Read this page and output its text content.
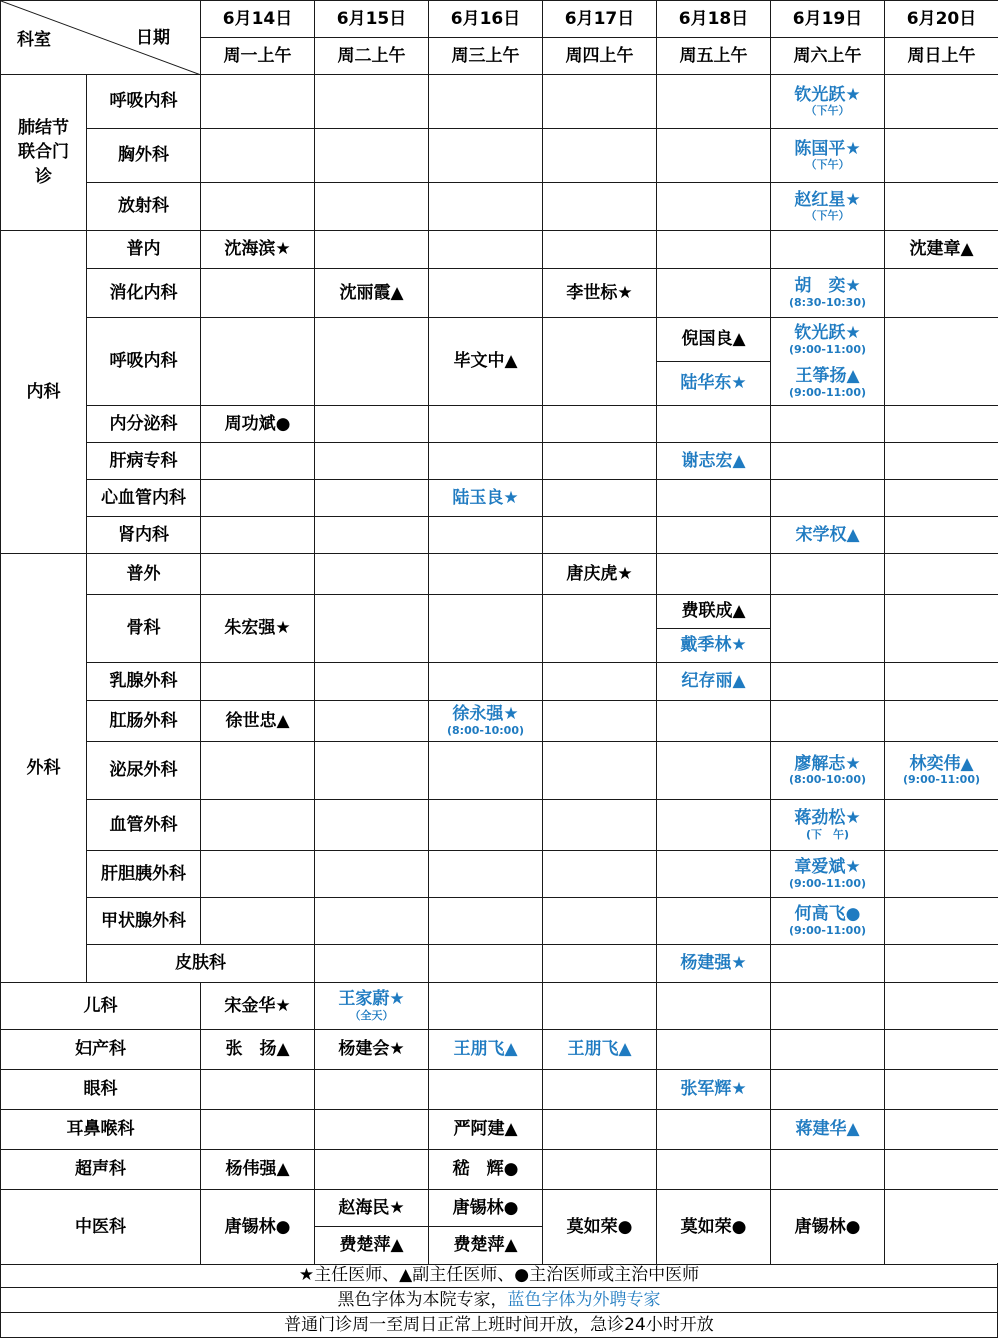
科室 日期		6月14日	6月15日	6月16日	6月17日	6月18日	6月19日	6月20日	
		周一上午	周二上午	周三上午	周四上午	周五上午	周六上午	周日上午	
肺结节
联合门
诊	呼吸内科						钦光跃★
（下午）		

	胸外科						陈国平★
（下午）		

	放射科						赵红星★
（下午）		

内科	普内	沈海滨★						沈建章▲	

	消化内科		沈丽霞▲		李世标★		胡　奕★
(8:30-10:30)		

	呼吸内科			毕文中▲		倪国良▲	钦光跃★
(9:00-11:00)		

						陆华东★	王筝扬▲
(9:00-11:00)		

	内分泌科	周功斌●							

	肝病专科					谢志宏▲			

	心血管内科			陆玉良★					

	肾内科						宋学权▲		

外科	普外				唐庆虎★				

	骨科	朱宏强★				费联成▲			

						戴季林★			

	乳腺外科					纪存丽▲			

	肛肠外科	徐世忠▲		徐永强★
(8:00-10:00)					

	泌尿外科						廖解志★
(8:00-10:00)	林奕伟▲
(9:00-11:00)	

	血管外科						蒋劲松★
(下　午)		

	肝胆胰外科						章爱斌★
(9:00-11:00)		

	甲状腺外科						何高飞●
(9:00-11:00)		

	皮肤科					杨建强★			

儿科		宋金华★	王家蔚★
（全天）						

妇产科		张　扬▲	杨建会★	王朋飞▲	王朋飞▲				

眼科						张军辉★			

耳鼻喉科				严阿建▲			蒋建华▲		

超声科		杨伟强▲		嵇　辉●					

中医科		唐锡林●	赵海民★	唐锡林●	莫如荣●	莫如荣●	唐锡林●		

			费楚萍▲	费楚萍▲					
★主任医师、▲副主任医师、●主治医师或主治中医师
黑色字体为本院专家，蓝色字体为外聘专家
普通门诊周一至周日正常上班时间开放，急诊24小时开放
